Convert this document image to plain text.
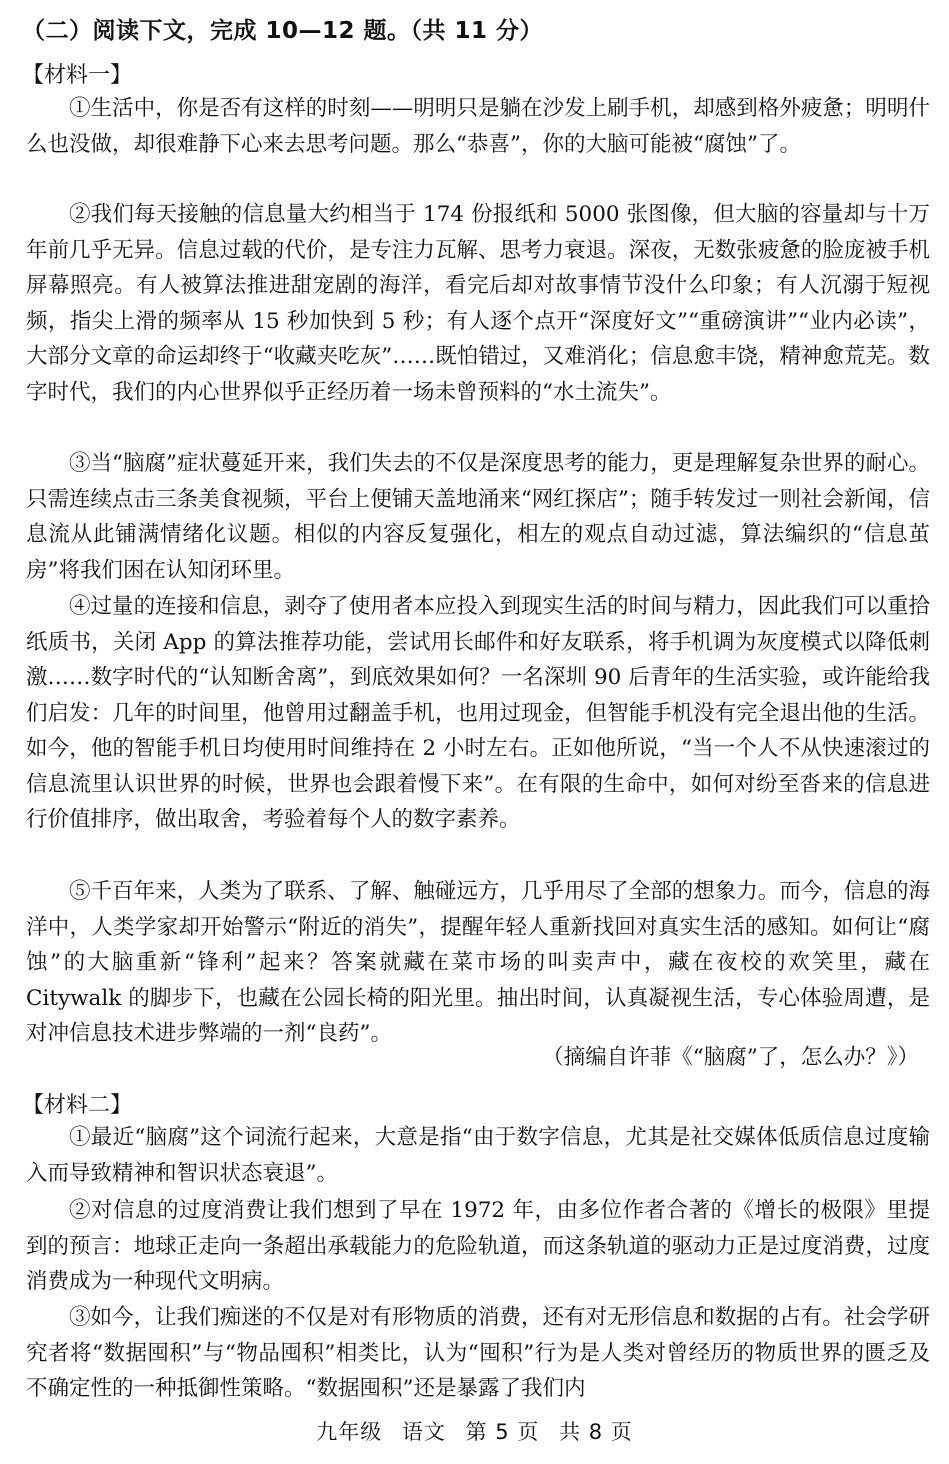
（二）阅读下文，完成 10—12 题。（共 11 分）
【材料一】

①生活中，你是否有这样的时刻——明明只是躺在沙发上刷手机，却感到格外疲惫；明明什么也没做，却很难静下心来去思考问题。那么“恭喜”，你的大脑可能被“腐蚀”了。

②我们每天接触的信息量大约相当于 174 份报纸和 5000 张图像，但大脑的容量却与十万年前几乎无异。信息过载的代价，是专注力瓦解、思考力衰退。深夜，无数张疲惫的脸庞被手机屏幕照亮。有人被算法推进甜宠剧的海洋，看完后却对故事情节没什么印象；有人沉溺于短视频，指尖上滑的频率从 15 秒加快到 5 秒；有人逐个点开“深度好文”“重磅演讲”“业内必读”，大部分文章的命运却终于“收藏夹吃灰”……既怕错过，又难消化；信息愈丰饶，精神愈荒芜。数字时代，我们的内心世界似乎正经历着一场未曾预料的“水土流失”。

③当“脑腐”症状蔓延开来，我们失去的不仅是深度思考的能力，更是理解复杂世界的耐心。只需连续点击三条美食视频，平台上便铺天盖地涌来“网红探店”；随手转发过一则社会新闻，信息流从此铺满情绪化议题。相似的内容反复强化，相左的观点自动过滤，算法编织的“信息茧房”将我们困在认知闭环里。

④过量的连接和信息，剥夺了使用者本应投入到现实生活的时间与精力，因此我们可以重拾纸质书，关闭 App 的算法推荐功能，尝试用长邮件和好友联系，将手机调为灰度模式以降低刺激……数字时代的“认知断舍离”，到底效果如何？一名深圳 90 后青年的生活实验，或许能给我们启发：几年的时间里，他曾用过翻盖手机，也用过现金，但智能手机没有完全退出他的生活。如今，他的智能手机日均使用时间维持在 2 小时左右。正如他所说，“当一个人不从快速滚过的信息流里认识世界的时候，世界也会跟着慢下来”。在有限的生命中，如何对纷至沓来的信息进行价值排序，做出取舍，考验着每个人的数字素养。

⑤千百年来，人类为了联系、了解、触碰远方，几乎用尽了全部的想象力。而今，信息的海洋中，人类学家却开始警示“附近的消失”，提醒年轻人重新找回对真实生活的感知。如何让“腐蚀”的大脑重新“锋利”起来？答案就藏在菜市场的叫卖声中，藏在夜校的欢笑里，藏在 Citywalk 的脚步下，也藏在公园长椅的阳光里。抽出时间，认真凝视生活，专心体验周遭，是对冲信息技术进步弊端的一剂“良药”。

（摘编自许菲《“脑腐”了，怎么办？》）
【材料二】

①最近“脑腐”这个词流行起来，大意是指“由于数字信息，尤其是社交媒体低质信息过度输入而导致精神和智识状态衰退”。

②对信息的过度消费让我们想到了早在 1972 年，由多位作者合著的《增长的极限》里提到的预言：地球正走向一条超出承载能力的危险轨道，而这条轨道的驱动力正是过度消费，过度消费成为一种现代文明病。

③如今，让我们痴迷的不仅是对有形物质的消费，还有对无形信息和数据的占有。社会学研究者将“数据囤积”与“物品囤积”相类比，认为“囤积”行为是人类对曾经历的物质世界的匮乏及不确定性的一种抵御性策略。“数据囤积”还是暴露了我们内

九年级 语文 第 5 页 共 8 页
